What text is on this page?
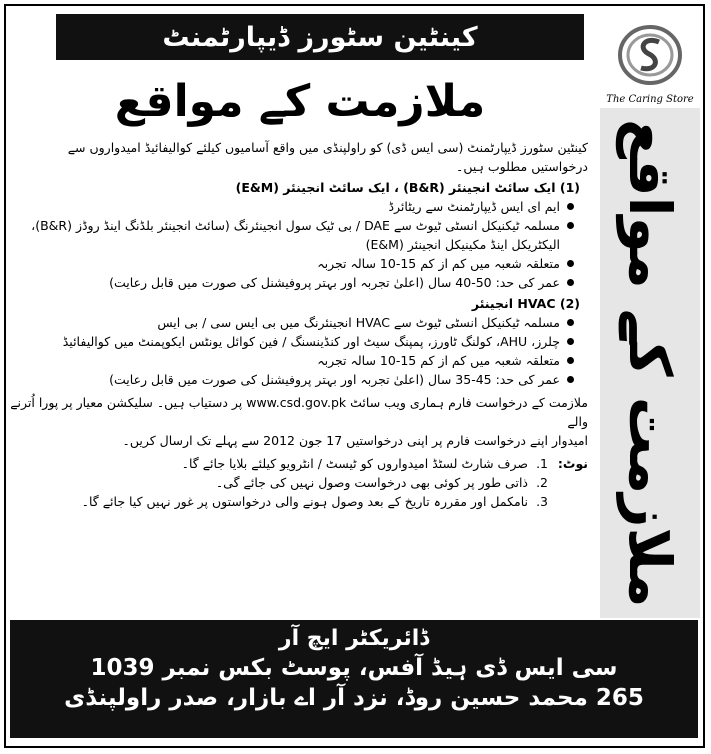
کینٹین سٹورز ڈیپارٹمنٹ
ملازمت کے مواقع	The Caring Store
ملازمت کے مواقع

کینٹین سٹورز ڈیپارٹمنٹ (سی ایس ڈی) کو راولپنڈی میں واقع آسامیوں کیلئے کوالیفائیڈ امیدواروں سے درخواستیں مطلوب ہیں۔

(1) ایک سائٹ انجینئر (B&R) ، ایک سائٹ انجینئر (E&M)

ایم ای ایس ڈیپارٹمنٹ سے ریٹائرڈ

مسلمہ ٹیکنیکل انسٹی ٹیوٹ سے DAE / بی ٹیک سول انجینئرنگ (سائٹ انجینئر بلڈنگ اینڈ روڈز (B&R)، الیکٹریکل اینڈ مکینیکل انجینئر (E&M)

متعلقہ شعبہ میں کم از کم 15-10 سالہ تجربہ

عمر کی حد: 50-40 سال (اعلیٰ تجربہ اور بہتر پروفیشنل کی صورت میں قابل رعایت)

(2) HVAC انجینئر

مسلمہ ٹیکنیکل انسٹی ٹیوٹ سے HVAC انجینئرنگ میں بی ایس سی / بی ایس

چلرز، AHU، کولنگ ٹاورز، پمپنگ سیٹ اور کنڈینسنگ / فین کوائل یونٹس ایکوپمنٹ میں کوالیفائیڈ

متعلقہ شعبہ میں کم از کم 15-10 سالہ تجربہ

عمر کی حد: 45-35 سال (اعلیٰ تجربہ اور بہتر پروفیشنل کی صورت میں قابل رعایت)

ملازمت کے درخواست فارم ہماری ویب سائٹ www.csd.gov.pk پر دستیاب ہیں۔ سلیکشن معیار پر پورا اُترنے والے

امیدوار اپنے درخواست فارم پر اپنی درخواستیں 17 جون 2012 سے پہلے تک ارسال کریں۔

نوٹ:
1.
صرف شارٹ لسٹڈ امیدواروں کو ٹیسٹ / انٹرویو کیلئے بلایا جائے گا۔
2.
ذاتی طور پر کوئی بھی درخواست وصول نہیں کی جائے گی۔
3.
نامکمل اور مقررہ تاریخ کے بعد وصول ہونے والی درخواستوں پر غور نہیں کیا جائے گا۔
ڈائریکٹر ایچ آر
سی ایس ڈی ہیڈ آفس، پوسٹ بکس نمبر 1039
265 محمد حسین روڈ، نزد آر اے بازار، صدر راولپنڈی
